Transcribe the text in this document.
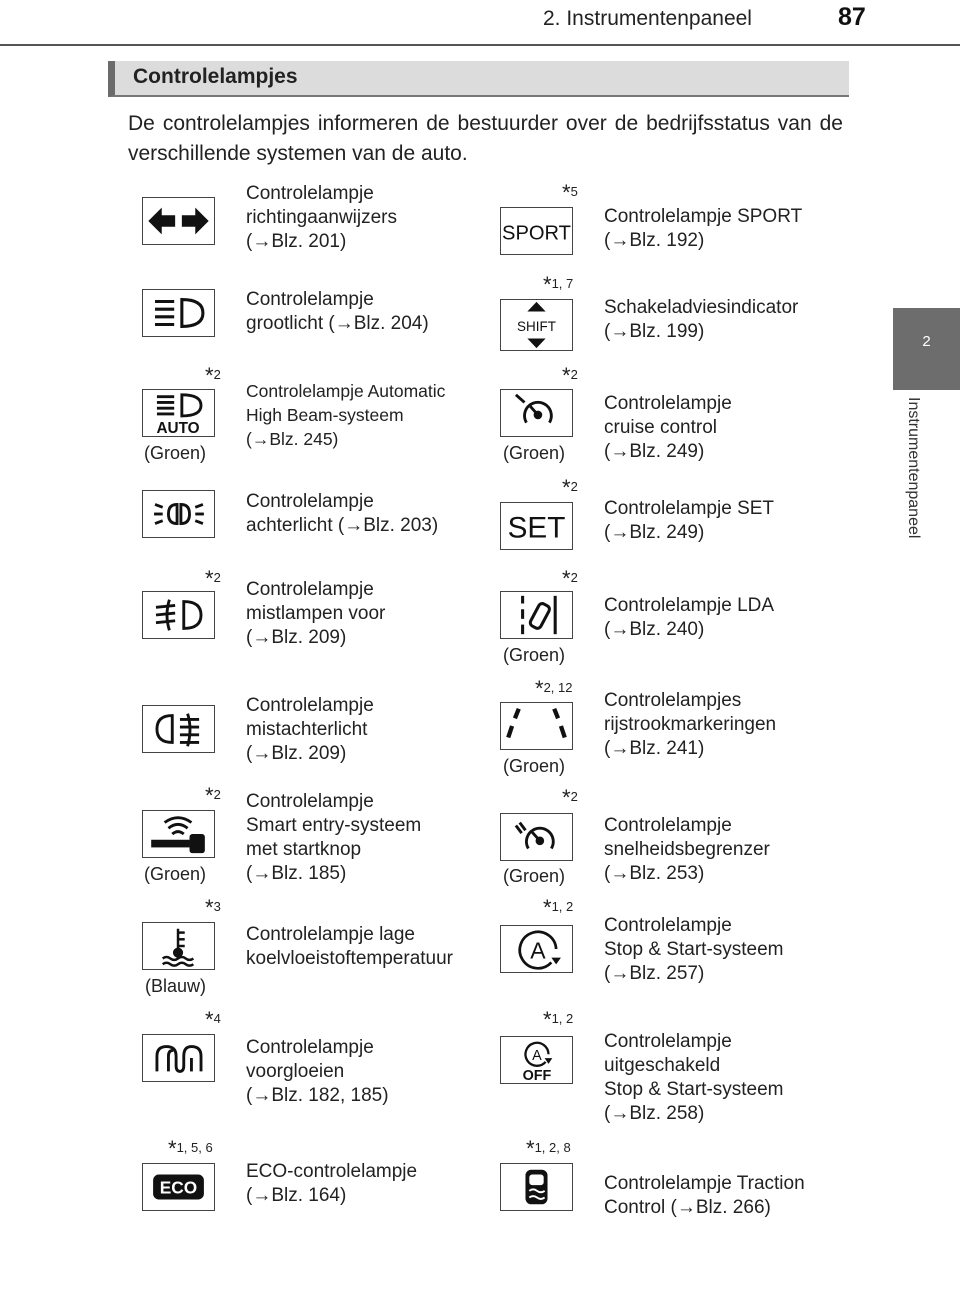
2. Instrumentenpaneel	87
2
Instrumentenpaneel
Controlelampjes
De controlelampjes informeren de bestuurder over de bedrijfsstatus van de verschillende systemen van de auto.
Controlelampje
richtingaanwijzers
(→Blz. 201)
Controlelampje
grootlicht (→Blz. 204)
*$^2$
AUTO
(Groen)
Controlelampje Automatic
High Beam-systeem
(→Blz. 245)
Controlelampje
achterlicht (→Blz. 203)
*$^2$
Controlelampje
mistlampen voor
(→Blz. 209)
Controlelampje
mistachterlicht
(→Blz. 209)
*$^2$
(Groen)
Controlelampje
Smart entry-systeem
met startknop
(→Blz. 185)
*$^3$
(Blauw)
Controlelampje lage
koelvloeistoftemperatuur
*$^4$
Controlelampje
voorgloeien
(→Blz. 182, 185)
*$^{1, 5, 6}$
ECO
ECO-controlelampje
(→Blz. 164)
*$^5$
SPORT
Controlelampje SPORT
(→Blz. 192)
*$^{1, 7}$
SHIFT
Schakeladviesindicator
(→Blz. 199)
*$^2$
(Groen)
Controlelampje
cruise control
(→Blz. 249)
*$^2$
SET
Controlelampje SET
(→Blz. 249)
*$^2$
(Groen)
Controlelampje LDA
(→Blz. 240)
*$^{2, 12}$
(Groen)
Controlelampjes
rijstrookmarkeringen
(→Blz. 241)
*$^2$
(Groen)
Controlelampje
snelheidsbegrenzer
(→Blz. 253)
*$^{1, 2}$
A
Controlelampje
Stop & Start-systeem
(→Blz. 257)
*$^{1, 2}$
A
OFF
Controlelampje
uitgeschakeld
Stop & Start-systeem
(→Blz. 258)
*$^{1, 2, 8}$
Controlelampje Traction
Control (→Blz. 266)
